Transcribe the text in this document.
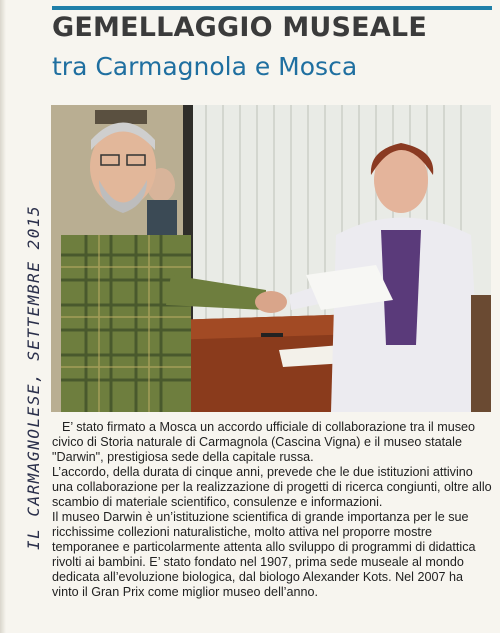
GEMELLAGGIO MUSEALE
tra Carmagnola e Mosca
IL CARMAGNOLESE, SETTEMBRE 2015	E’ stato firmato a Mosca un accordo ufficiale di collaborazione tra il museo civico di Storia naturale di Carmagnola (Cascina Vigna) e il museo statale "Darwin", prestigiosa sede della capitale russa.

L’accordo, della durata di cinque anni, prevede che le due istituzioni attivino una collaborazione per la realizzazione di progetti di ricerca congiunti, oltre allo scambio di materiale scientifico, consulenze e informazioni.

Il museo Darwin è un’istituzione scientifica di grande importanza per le sue ricchissime collezioni naturalistiche, molto attiva nel proporre mostre temporanee e particolarmente attenta allo sviluppo di programmi di didattica rivolti ai bambini. E’ stato fondato nel 1907, prima sede museale al mondo dedicata all’evoluzione biologica, dal biologo Alexander Kots. Nel 2007 ha vinto il Gran Prix come miglior museo dell’anno.
